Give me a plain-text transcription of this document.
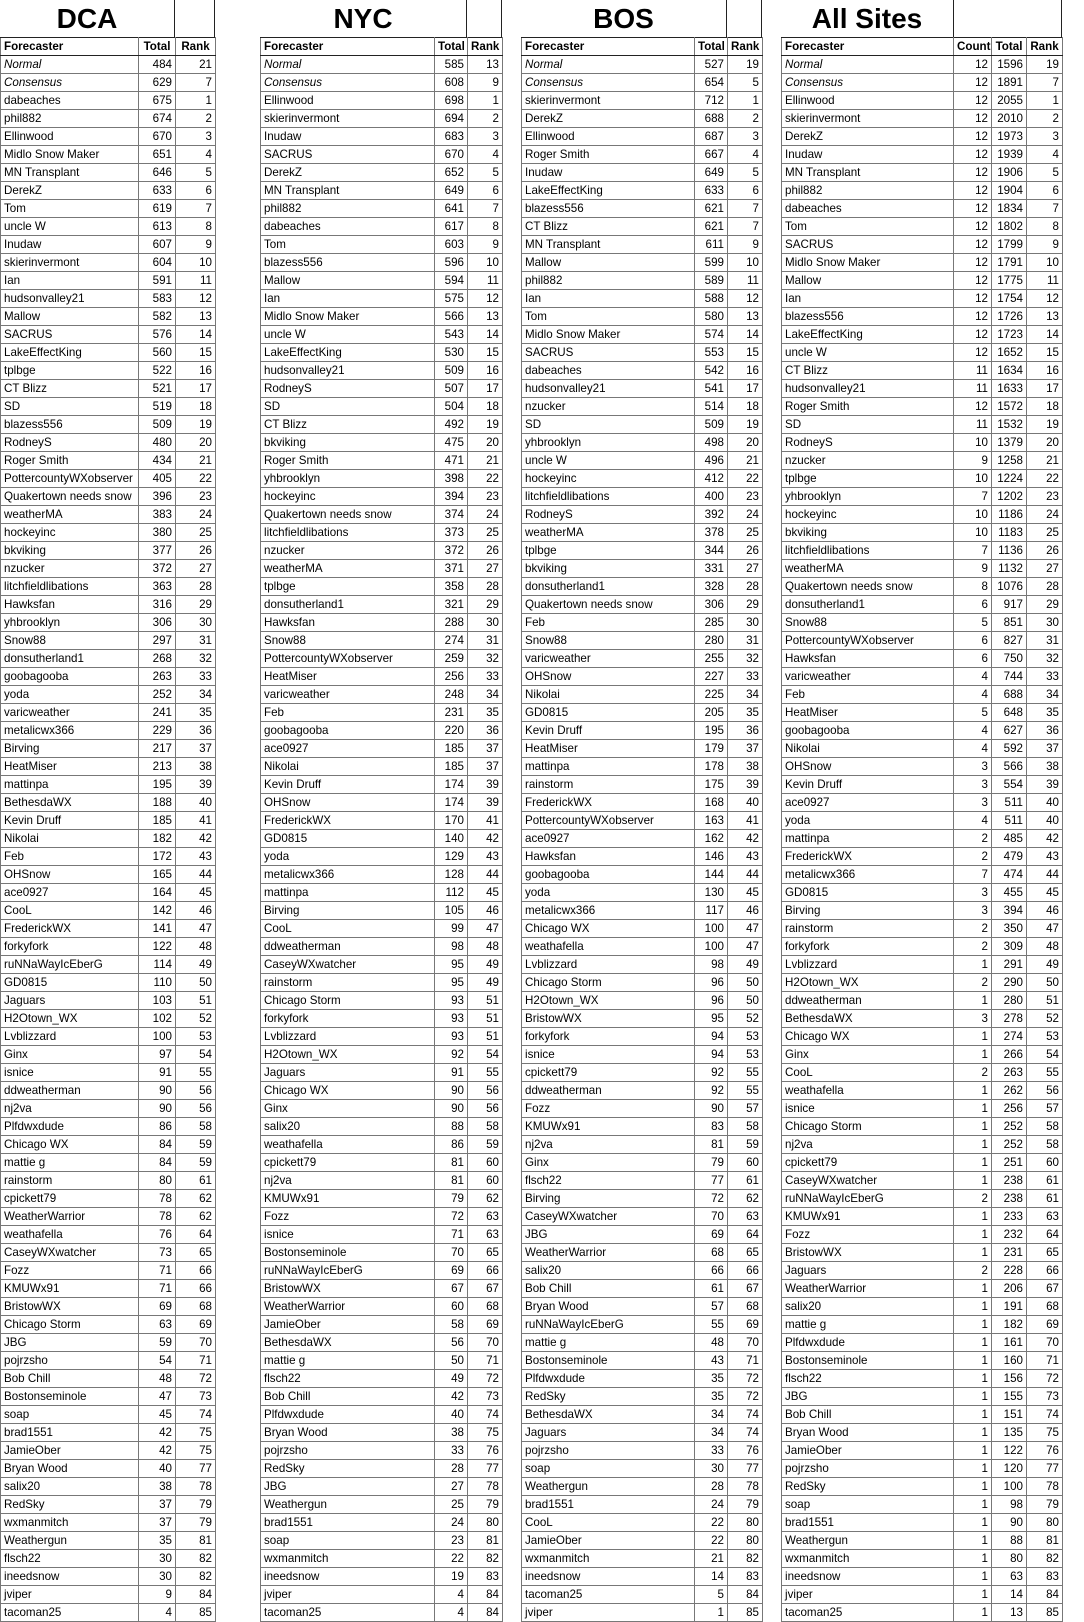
DCA
Forecaster	Total	Rank
Normal	484	21
Consensus	629	7
dabeaches	675	1
phil882	674	2
Ellinwood	670	3
Midlo Snow Maker	651	4
MN Transplant	646	5
DerekZ	633	6
Tom	619	7
uncle W	613	8
Inudaw	607	9
skierinvermont	604	10
Ian	591	11
hudsonvalley21	583	12
Mallow	582	13
SACRUS	576	14
LakeEffectKing	560	15
tplbge	522	16
CT Blizz	521	17
SD	519	18
blazess556	509	19
RodneyS	480	20
Roger Smith	434	21
PottercountyWXobserver	405	22
Quakertown needs snow	396	23
weatherMA	383	24
hockeyinc	380	25
bkviking	377	26
nzucker	372	27
litchfieldlibations	363	28
Hawksfan	316	29
yhbrooklyn	306	30
Snow88	297	31
donsutherland1	268	32
goobagooba	263	33
yoda	252	34
varicweather	241	35
metalicwx366	229	36
Birving	217	37
HeatMiser	213	38
mattinpa	195	39
BethesdaWX	188	40
Kevin Druff	185	41
Nikolai	182	42
Feb	172	43
OHSnow	165	44
ace0927	164	45
CooL	142	46
FrederickWX	141	47
forkyfork	122	48
ruNNaWayIcEberG	114	49
GD0815	110	50
Jaguars	103	51
H2Otown_WX	102	52
Lvblizzard	100	53
Ginx	97	54
isnice	91	55
ddweatherman	90	56
nj2va	90	56
Plfdwxdude	86	58
Chicago WX	84	59
mattie g	84	59
rainstorm	80	61
cpickett79	78	62
WeatherWarrior	78	62
weathafella	76	64
CaseyWXwatcher	73	65
Fozz	71	66
KMUWx91	71	66
BristowWX	69	68
Chicago Storm	63	69
JBG	59	70
pojrzsho	54	71
Bob Chill	48	72
Bostonseminole	47	73
soap	45	74
brad1551	42	75
JamieOber	42	75
Bryan Wood	40	77
salix20	38	78
RedSky	37	79
wxmanmitch	37	79
Weathergun	35	81
flsch22	30	82
ineedsnow	30	82
jviper	9	84
tacoman25	4	85
NYC
Forecaster	Total	Rank
Normal	585	13
Consensus	608	9
Ellinwood	698	1
skierinvermont	694	2
Inudaw	683	3
SACRUS	670	4
DerekZ	652	5
MN Transplant	649	6
phil882	641	7
dabeaches	617	8
Tom	603	9
blazess556	596	10
Mallow	594	11
Ian	575	12
Midlo Snow Maker	566	13
uncle W	543	14
LakeEffectKing	530	15
hudsonvalley21	509	16
RodneyS	507	17
SD	504	18
CT Blizz	492	19
bkviking	475	20
Roger Smith	471	21
yhbrooklyn	398	22
hockeyinc	394	23
Quakertown needs snow	374	24
litchfieldlibations	373	25
nzucker	372	26
weatherMA	371	27
tplbge	358	28
donsutherland1	321	29
Hawksfan	288	30
Snow88	274	31
PottercountyWXobserver	259	32
HeatMiser	256	33
varicweather	248	34
Feb	231	35
goobagooba	220	36
ace0927	185	37
Nikolai	185	37
Kevin Druff	174	39
OHSnow	174	39
FrederickWX	170	41
GD0815	140	42
yoda	129	43
metalicwx366	128	44
mattinpa	112	45
Birving	105	46
CooL	99	47
ddweatherman	98	48
CaseyWXwatcher	95	49
rainstorm	95	49
Chicago Storm	93	51
forkyfork	93	51
Lvblizzard	93	51
H2Otown_WX	92	54
Jaguars	91	55
Chicago WX	90	56
Ginx	90	56
salix20	88	58
weathafella	86	59
cpickett79	81	60
nj2va	81	60
KMUWx91	79	62
Fozz	72	63
isnice	71	63
Bostonseminole	70	65
ruNNaWayIcEberG	69	66
BristowWX	67	67
WeatherWarrior	60	68
JamieOber	58	69
BethesdaWX	56	70
mattie g	50	71
flsch22	49	72
Bob Chill	42	73
Plfdwxdude	40	74
Bryan Wood	38	75
pojrzsho	33	76
RedSky	28	77
JBG	27	78
Weathergun	25	79
brad1551	24	80
soap	23	81
wxmanmitch	22	82
ineedsnow	19	83
jviper	4	84
tacoman25	4	84
BOS
Forecaster	Total	Rank
Normal	527	19
Consensus	654	5
skierinvermont	712	1
DerekZ	688	2
Ellinwood	687	3
Roger Smith	667	4
Inudaw	649	5
LakeEffectKing	633	6
blazess556	621	7
CT Blizz	621	7
MN Transplant	611	9
Mallow	599	10
phil882	589	11
Ian	588	12
Tom	580	13
Midlo Snow Maker	574	14
SACRUS	553	15
dabeaches	542	16
hudsonvalley21	541	17
nzucker	514	18
SD	509	19
yhbrooklyn	498	20
uncle W	496	21
hockeyinc	412	22
litchfieldlibations	400	23
RodneyS	392	24
weatherMA	378	25
tplbge	344	26
bkviking	331	27
donsutherland1	328	28
Quakertown needs snow	306	29
Feb	285	30
Snow88	280	31
varicweather	255	32
OHSnow	227	33
Nikolai	225	34
GD0815	205	35
Kevin Druff	195	36
HeatMiser	179	37
mattinpa	178	38
rainstorm	175	39
FrederickWX	168	40
PottercountyWXobserver	163	41
ace0927	162	42
Hawksfan	146	43
goobagooba	144	44
yoda	130	45
metalicwx366	117	46
Chicago WX	100	47
weathafella	100	47
Lvblizzard	98	49
Chicago Storm	96	50
H2Otown_WX	96	50
BristowWX	95	52
forkyfork	94	53
isnice	94	53
cpickett79	92	55
ddweatherman	92	55
Fozz	90	57
KMUWx91	83	58
nj2va	81	59
Ginx	79	60
flsch22	77	61
Birving	72	62
CaseyWXwatcher	70	63
JBG	69	64
WeatherWarrior	68	65
salix20	66	66
Bob Chill	61	67
Bryan Wood	57	68
ruNNaWayIcEberG	55	69
mattie g	48	70
Bostonseminole	43	71
Plfdwxdude	35	72
RedSky	35	72
BethesdaWX	34	74
Jaguars	34	74
pojrzsho	33	76
soap	30	77
Weathergun	28	78
brad1551	24	79
CooL	22	80
JamieOber	22	80
wxmanmitch	21	82
ineedsnow	14	83
tacoman25	5	84
jviper	1	85
All Sites
Forecaster	Count	Total	Rank
Normal	12	1596	19
Consensus	12	1891	7
Ellinwood	12	2055	1
skierinvermont	12	2010	2
DerekZ	12	1973	3
Inudaw	12	1939	4
MN Transplant	12	1906	5
phil882	12	1904	6
dabeaches	12	1834	7
Tom	12	1802	8
SACRUS	12	1799	9
Midlo Snow Maker	12	1791	10
Mallow	12	1775	11
Ian	12	1754	12
blazess556	12	1726	13
LakeEffectKing	12	1723	14
uncle W	12	1652	15
CT Blizz	11	1634	16
hudsonvalley21	11	1633	17
Roger Smith	12	1572	18
SD	11	1532	19
RodneyS	10	1379	20
nzucker	9	1258	21
tplbge	10	1224	22
yhbrooklyn	7	1202	23
hockeyinc	10	1186	24
bkviking	10	1183	25
litchfieldlibations	7	1136	26
weatherMA	9	1132	27
Quakertown needs snow	8	1076	28
donsutherland1	6	917	29
Snow88	5	851	30
PottercountyWXobserver	6	827	31
Hawksfan	6	750	32
varicweather	4	744	33
Feb	4	688	34
HeatMiser	5	648	35
goobagooba	4	627	36
Nikolai	4	592	37
OHSnow	3	566	38
Kevin Druff	3	554	39
ace0927	3	511	40
yoda	4	511	40
mattinpa	2	485	42
FrederickWX	2	479	43
metalicwx366	7	474	44
GD0815	3	455	45
Birving	3	394	46
rainstorm	2	350	47
forkyfork	2	309	48
Lvblizzard	1	291	49
H2Otown_WX	2	290	50
ddweatherman	1	280	51
BethesdaWX	3	278	52
Chicago WX	1	274	53
Ginx	1	266	54
CooL	2	263	55
weathafella	1	262	56
isnice	1	256	57
Chicago Storm	1	252	58
nj2va	1	252	58
cpickett79	1	251	60
CaseyWXwatcher	1	238	61
ruNNaWayIcEberG	2	238	61
KMUWx91	1	233	63
Fozz	1	232	64
BristowWX	1	231	65
Jaguars	2	228	66
WeatherWarrior	1	206	67
salix20	1	191	68
mattie g	1	182	69
Plfdwxdude	1	161	70
Bostonseminole	1	160	71
flsch22	1	156	72
JBG	1	155	73
Bob Chill	1	151	74
Bryan Wood	1	135	75
JamieOber	1	122	76
pojrzsho	1	120	77
RedSky	1	100	78
soap	1	98	79
brad1551	1	90	80
Weathergun	1	88	81
wxmanmitch	1	80	82
ineedsnow	1	63	83
jviper	1	14	84
tacoman25	1	13	85
